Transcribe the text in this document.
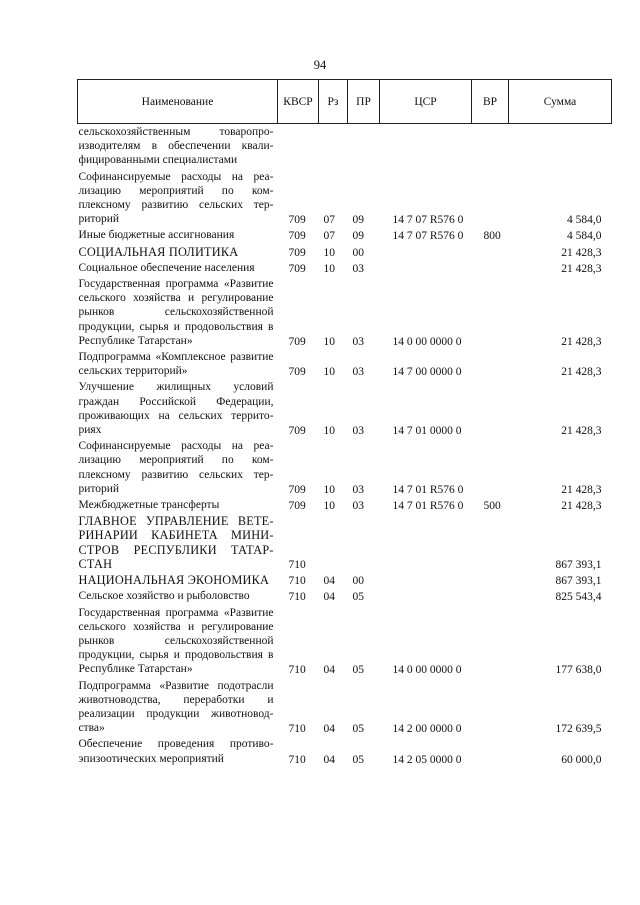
94
Наименование	КВСР	Рз	ПР	ЦСР	ВР	Сумма
сельскохозяйственным товаропроизводителям в обеспечении квалифицированными специалистами						
Софинансируемые расходы на реализацию мероприятий по комплексному развитию сельских территорий	709	07	09	14 7 07 R576 0		4 584,0
Иные бюджетные ассигнования	709	07	09	14 7 07 R576 0	800	4 584,0
СОЦИАЛЬНАЯ ПОЛИТИКА	709	10	00			21 428,3
Социальное обеспечение населения	709	10	03			21 428,3
Государственная программа «Развитие сельского хозяйства и регулирование рынков сельскохозяйственной продукции, сырья и продовольствия в Республике Татарстан»	709	10	03	14 0 00 0000 0		21 428,3
Подпрограмма «Комплексное развитие сельских территорий»	709	10	03	14 7 00 0000 0		21 428,3
Улучшение жилищных условий граждан Российской Федерации, проживающих на сельских территориях	709	10	03	14 7 01 0000 0		21 428,3
Софинансируемые расходы на реализацию мероприятий по комплексному развитию сельских территорий	709	10	03	14 7 01 R576 0		21 428,3
Межбюджетные трансферты	709	10	03	14 7 01 R576 0	500	21 428,3
ГЛАВНОЕ УПРАВЛЕНИЕ ВЕТЕРИНАРИИ КАБИНЕТА МИНИСТРОВ РЕСПУБЛИКИ ТАТАРСТАН	710					867 393,1
НАЦИОНАЛЬНАЯ ЭКОНОМИКА	710	04	00			867 393,1
Сельское хозяйство и рыболовство	710	04	05			825 543,4
Государственная программа «Развитие сельского хозяйства и регулирование рынков сельскохозяйственной продукции, сырья и продовольствия в Республике Татарстан»	710	04	05	14 0 00 0000 0		177 638,0
Подпрограмма «Развитие подотрасли животноводства, переработки и реализации продукции животноводства»	710	04	05	14 2 00 0000 0		172 639,5
Обеспечение проведения противоэпизоотических мероприятий	710	04	05	14 2 05 0000 0		60 000,0
